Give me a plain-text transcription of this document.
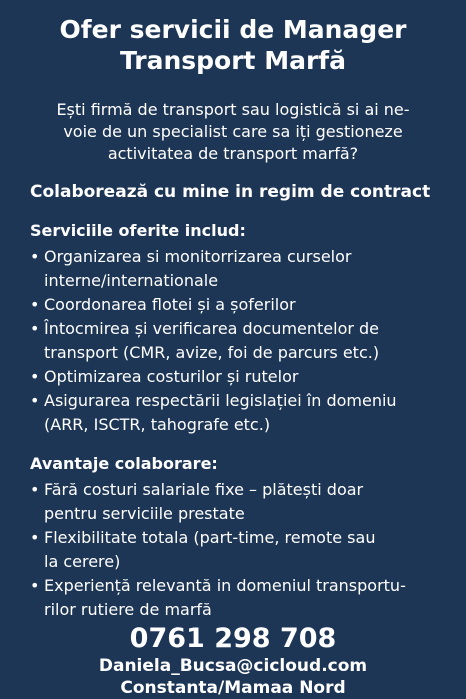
Ofer servicii de Manager
Transport Marfă
Ești firmă de transport sau logistică si ai ne-
voie de un specialist care sa iți gestioneze
activitatea de transport marfă?
Colaborează cu mine in regim de contract
Serviciile oferite includ:
• Organizarea si monitorrizarea curselor
interne/internationale
• Coordonarea flotei și a șoferilor
• Întocmirea și verificarea documentelor de
transport (CMR, avize, foi de parcurs etc.)
• Optimizarea costurilor și rutelor
• Asigurarea respectării legislației în domeniu
(ARR, ISCTR, tahografe etc.)
Avantaje colaborare:
• Fără costuri salariale fixe – plătești doar
pentru serviciile prestate
• Flexibilitate totala (part-time, remote sau
la cerere)
• Experiență relevantă in domeniul transportu-
rilor rutiere de marfă
0761 298 708
Daniela_Bucsa@cicloud.com
Constanta/Mamaa Nord
